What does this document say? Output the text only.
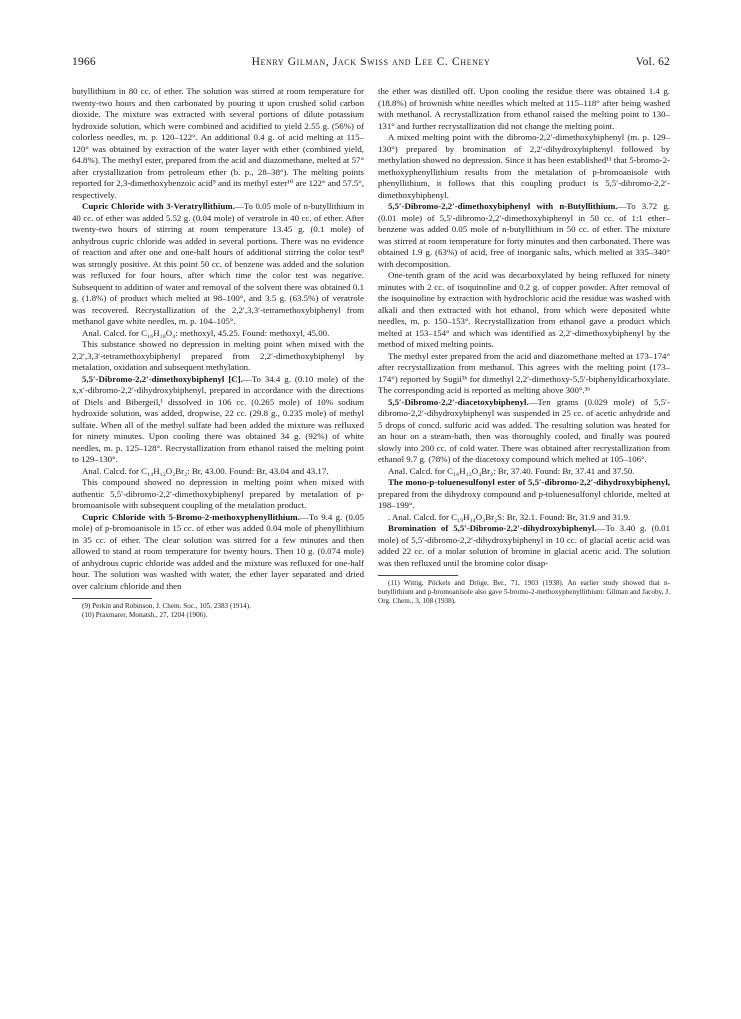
1966	Henry Gilman, Jack Swiss and Lee C. Cheney	Vol. 62

butyllithium in 80 cc. of ether. The solution was stirred at room temperature for twenty-two hours and then carbonated by pouring it upon crushed solid carbon dioxide. The mixture was extracted with several portions of dilute potassium hydroxide solution, which were combined and acidified to yield 2.55 g. (56%) of colorless needles, m. p. 120–122°. An additional 0.4 g. of acid melting at 115–120° was obtained by extraction of the water layer with ether (combined yield, 64.8%). The methyl ester, prepared from the acid and diazomethane, melted at 57° after crystallization from petroleum ether (b. p., 28–38°). The melting points reported for 2,3-dimethoxybenzoic acid⁹ and its methyl ester¹⁰ are 122° and 57.5°, respectively.

Cupric Chloride with 3-Veratryllithium.—To 0.05 mole of n-butyllithium in 40 cc. of ether was added 5.52 g. (0.04 mole) of veratrole in 40 cc. of ether. After twenty-two hours of stirring at room temperature 13.45 g. (0.1 mole) of anhydrous cupric chloride was added in several portions. There was no evidence of reaction and after one and one-half hours of additional stirring the color test⁸ was strongly positive. At this point 50 cc. of benzene was added and the solution was refluxed for four hours, after which time the color test was negative. Subsequent to addition of water and removal of the solvent there was obtained 0.1 g. (1.8%) of product which melted at 98–100°, and 3.5 g. (63.5%) of veratrole was recovered. Recrystallization of the 2,2′,3,3′-tetramethoxybiphenyl from methanol gave white needles, m. p. 104–105°.

Anal. Calcd. for C₁₆H₁₈O₄: methoxyl, 45.25. Found: methoxyl, 45.00.

This substance showed no depression in melting point when mixed with the 2,2′,3,3′-tetramethoxybiphenyl prepared from 2,2′-dimethoxybiphenyl by metalation, oxidation and subsequent methylation.

5,5′-Dibromo-2,2′-dimethoxybiphenyl [C].—To 34.4 g. (0.10 mole) of the x,x′-dibromo-2,2′-dihydroxybiphenyl, prepared in accordance with the directions of Diels and Bibergeil,¹ dissolved in 106 cc. (0.265 mole) of 10% sodium hydroxide solution, was added, dropwise, 22 cc. (29.8 g., 0.235 mole) of methyl sulfate. When all of the methyl sulfate had been added the mixture was refluxed for ninety minutes. Upon cooling there was obtained 34 g. (92%) of white needles, m. p. 125–128°. Recrystallization from ethanol raised the melting point to 129–130°.

Anal. Calcd. for C₁₄H₁₂O₂Br₂: Br, 43.00. Found: Br, 43.04 and 43.17.

This compound showed no depression in melting point when mixed with authentic 5,5′-dibromo-2,2′-dimethoxybiphenyl prepared by metalation of p-bromoanisole with subsequent coupling of the metalation product.

Cupric Chloride with 5-Bromo-2-methoxyphenyllithium.—To 9.4 g. (0.05 mole) of p-bromoanisole in 15 cc. of ether was added 0.04 mole of phenyllithium in 35 cc. of ether. The clear solution was stirred for a few minutes and then allowed to stand at room temperature for twenty hours. Then 10 g. (0.074 mole) of anhydrous cupric chloride was added and the mixture was refluxed for one-half hour. The solution was washed with water, the ether layer separated and dried over calcium chloride and then

(9) Perkin and Robinson, J. Chem. Soc., 105, 2383 (1914).

(10) Praxmarer, Monatsh., 27, 1204 (1906).

the ether was distilled off. Upon cooling the residue there was obtained 1.4 g. (18.8%) of brownish white needles which melted at 115–118° after being washed with methanol. A recrystallization from ethanol raised the melting point to 130–131° and further recrystallization did not change the melting point.

A mixed melting point with the dibromo-2,2′-dimethoxybiphenyl (m. p. 129–130°) prepared by bromination of 2,2′-dihydroxybiphenyl followed by methylation showed no depression. Since it has been established¹¹ that 5-bromo-2-methoxyphenyllithium results from the metalation of p-bromoanisole with phenyllithium, it follows that this coupling product is 5,5′-dibromo-2,2′-dimethoxybiphenyl.

5,5′-Dibromo-2,2′-dimethoxybiphenyl with n-Butyllithium.—To 3.72 g. (0.01 mole) of 5,5′-dibromo-2,2′-dimethoxybiphenyl in 50 cc. of 1:1 ether–benzene was added 0.05 mole of n-butyllithium in 50 cc. of ether. The mixture was stirred at room temperature for forty minutes and then carbonated. There was obtained 1.9 g. (63%) of acid, free of inorganic salts, which melted at 335–340° with decomposition.

One-tenth gram of the acid was decarboxylated by being refluxed for ninety minutes with 2 cc. of isoquinoline and 0.2 g. of copper powder. After removal of the isoquinoline by extraction with hydrochloric acid the residue was washed with alkali and then extracted with hot ethanol, from which were deposited white needles, m. p. 150–153°. Recrystallization from ethanol gave a product which melted at 153–154° and which was identified as 2,2′-dimethoxybiphenyl by the method of mixed melting points.

The methyl ester prepared from the acid and diazomethane melted at 173–174° after recrystallization from methanol. This agrees with the melting point (173–174°) reported by Sugii³ᵇ for dimethyl 2,2′-dimethoxy-5,5′-biphenyldicarboxylate. The corresponding acid is reported as melting above 300°.³ᵇ

5,5′-Dibromo-2,2′-diacetoxybiphenyl.—Ten grams (0.029 mole) of 5,5′-dibromo-2,2′-dihydroxybiphenyl was suspended in 25 cc. of acetic anhydride and 5 drops of concd. sulfuric acid was added. The resulting solution was heated for an hour on a steam-bath, then was thoroughly cooled, and finally was poured slowly into 200 cc. of cold water. There was obtained after recrystallization from ethanol 9.7 g. (78%) of the diacetoxy compound which melted at 105–106°.

Anal. Calcd. for C₁₆H₁₂O₄Br₂: Br, 37.40. Found: Br, 37.41 and 37.50.

The mono-p-toluenesulfonyl ester of 5,5′-dibromo-2,2′-dihydroxybiphenyl, prepared from the dihydroxy compound and p-toluenesulfonyl chloride, melted at 198–199°.

. Anal. Calcd. for C₁₉H₁₄O₃Br₂S: Br, 32.1. Found: Br, 31.9 and 31.9.

Bromination of 5,5′-Dibromo-2,2′-dihydroxybiphenyl.—To 3.40 g. (0.01 mole) of 5,5′-dibromo-2,2′-dihydroxybiphenyl in 10 cc. of glacial acetic acid was added 22 cc. of a molar solution of bromine in glacial acetic acid. The solution was then refluxed until the bromine color disap-

(11) Wittig, Pöckels and Dröge, Ber., 71, 1903 (1938). An earlier study showed that n-butyllithium and p-bromoanisole also gave 5-bromo-2-methoxyphenyllithium: Gilman and Jacoby, J. Org. Chem., 3, 108 (1938).
